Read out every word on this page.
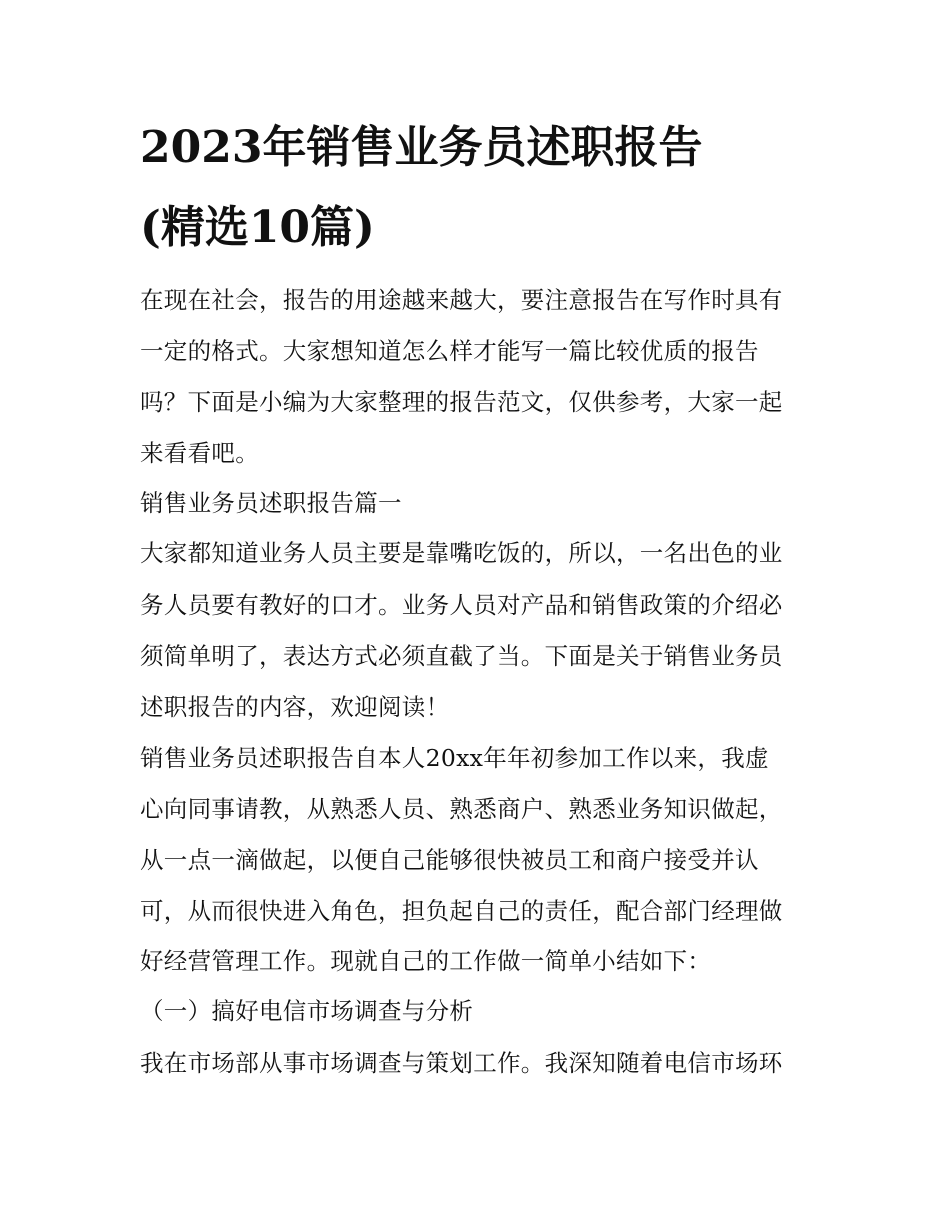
2023年销售业务员述职报告
(精选10篇)
在现在社会，报告的用途越来越大，要注意报告在写作时具有
一定的格式。大家想知道怎么样才能写一篇比较优质的报告
吗？下面是小编为大家整理的报告范文，仅供参考，大家一起
来看看吧。
销售业务员述职报告篇一
大家都知道业务人员主要是靠嘴吃饭的，所以，一名出色的业
务人员要有教好的口才。业务人员对产品和销售政策的介绍必
须简单明了，表达方式必须直截了当。下面是关于销售业务员
述职报告的内容，欢迎阅读！
销售业务员述职报告自本人20xx年年初参加工作以来，我虚
心向同事请教，从熟悉人员、熟悉商户、熟悉业务知识做起，
从一点一滴做起，以便自己能够很快被员工和商户接受并认
可，从而很快进入角色，担负起自己的责任，配合部门经理做
好经营管理工作。现就自己的工作做一简单小结如下：
（一）搞好电信市场调查与分析
我在市场部从事市场调查与策划工作。我深知随着电信市场环
